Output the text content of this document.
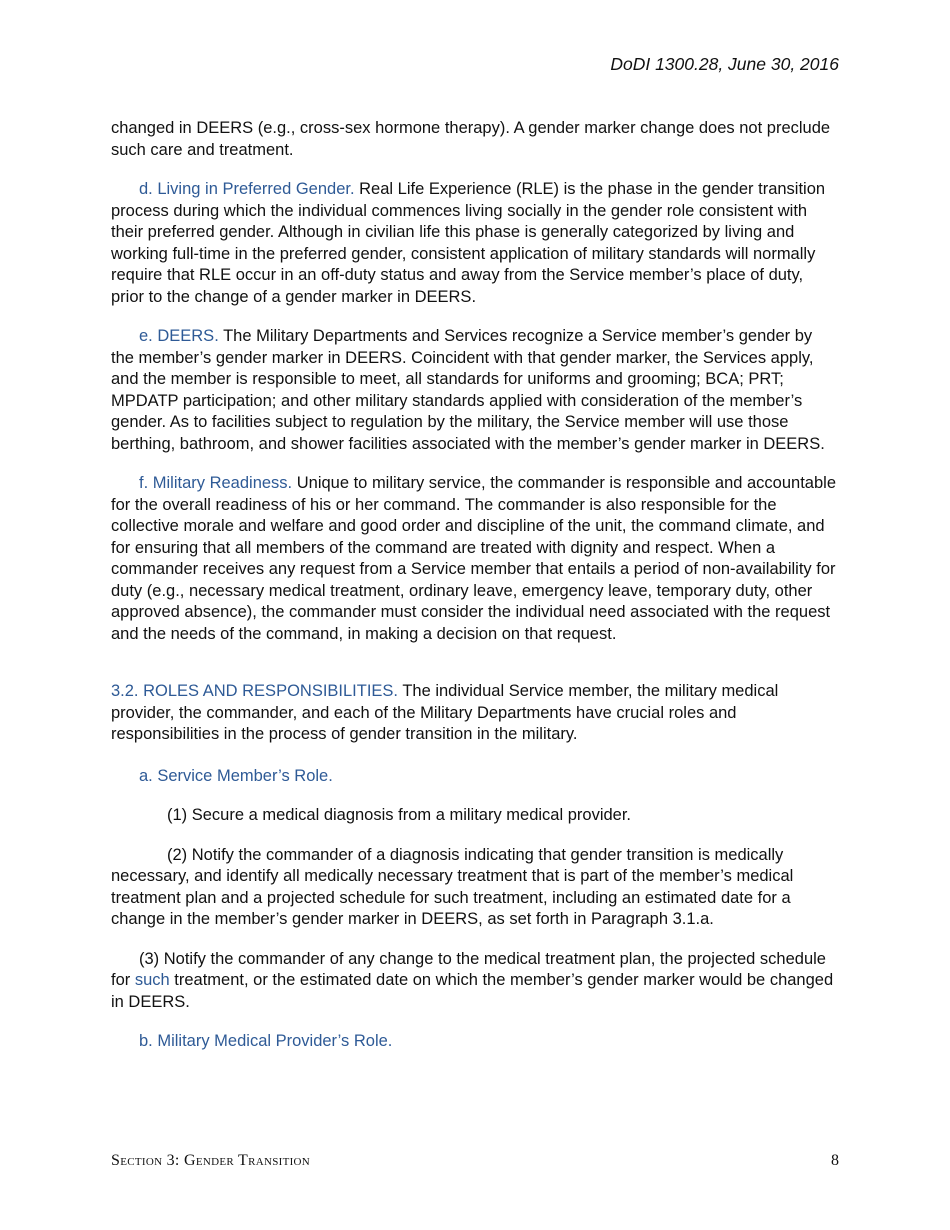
DoDI 1300.28, June 30, 2016

changed in DEERS (e.g., cross-sex hormone therapy). A gender marker change does not preclude such care and treatment.

d. Living in Preferred Gender. Real Life Experience (RLE) is the phase in the gender transition process during which the individual commences living socially in the gender role consistent with their preferred gender. Although in civilian life this phase is generally categorized by living and working full-time in the preferred gender, consistent application of military standards will normally require that RLE occur in an off-duty status and away from the Service member’s place of duty, prior to the change of a gender marker in DEERS.

e. DEERS. The Military Departments and Services recognize a Service member’s gender by the member’s gender marker in DEERS. Coincident with that gender marker, the Services apply, and the member is responsible to meet, all standards for uniforms and grooming; BCA; PRT; MPDATP participation; and other military standards applied with consideration of the member’s gender. As to facilities subject to regulation by the military, the Service member will use those berthing, bathroom, and shower facilities associated with the member’s gender marker in DEERS.

f. Military Readiness. Unique to military service, the commander is responsible and accountable for the overall readiness of his or her command. The commander is also responsible for the collective morale and welfare and good order and discipline of the unit, the command climate, and for ensuring that all members of the command are treated with dignity and respect. When a commander receives any request from a Service member that entails a period of non-availability for duty (e.g., necessary medical treatment, ordinary leave, emergency leave, temporary duty, other approved absence), the commander must consider the individual need associated with the request and the needs of the command, in making a decision on that request.

3.2. ROLES AND RESPONSIBILITIES. The individual Service member, the military medical provider, the commander, and each of the Military Departments have crucial roles and responsibilities in the process of gender transition in the military.

a. Service Member’s Role.

(1) Secure a medical diagnosis from a military medical provider.

(2) Notify the commander of a diagnosis indicating that gender transition is medically necessary, and identify all medically necessary treatment that is part of the member’s medical treatment plan and a projected schedule for such treatment, including an estimated date for a change in the member’s gender marker in DEERS, as set forth in Paragraph 3.1.a.

(3) Notify the commander of any change to the medical treatment plan, the projected schedule for such treatment, or the estimated date on which the member’s gender marker would be changed in DEERS.

b. Military Medical Provider’s Role.

Section 3: Gender Transition	8
